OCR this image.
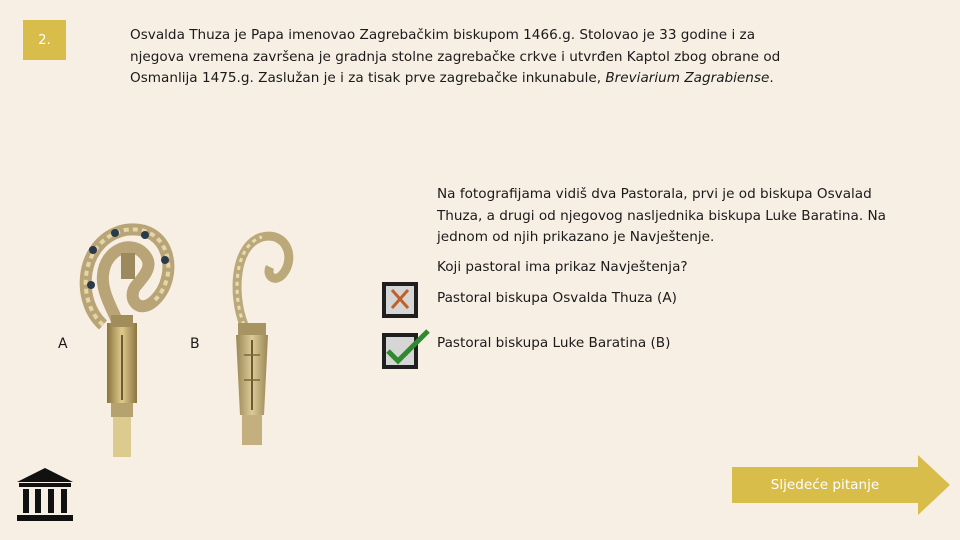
2.	Osvalda Thuza je Papa imenovao Zagrebačkim biskupom 1466.g. Stolovao je 33 godine i za njegova vremena završena je gradnja stolne zagrebačke crkve i utvrđen Kaptol zbog obrane od Osmanlija 1475.g. Zaslužan je i za tisak prve zagrebačke inkunabule, Breviarium Zagrabiense.
A	B
Na fotografijama vidiš dva Pastorala, prvi je od biskupa Osvalad Thuza, a drugi od njegovog nasljednika biskupa Luke Baratina. Na jednom od njih prikazano je Navještenje.
Koji pastoral ima prikaz Navještenja?
Pastoral biskupa Osvalda Thuza (A)
Pastoral biskupa Luke Baratina (B)
Sljedeće pitanje
